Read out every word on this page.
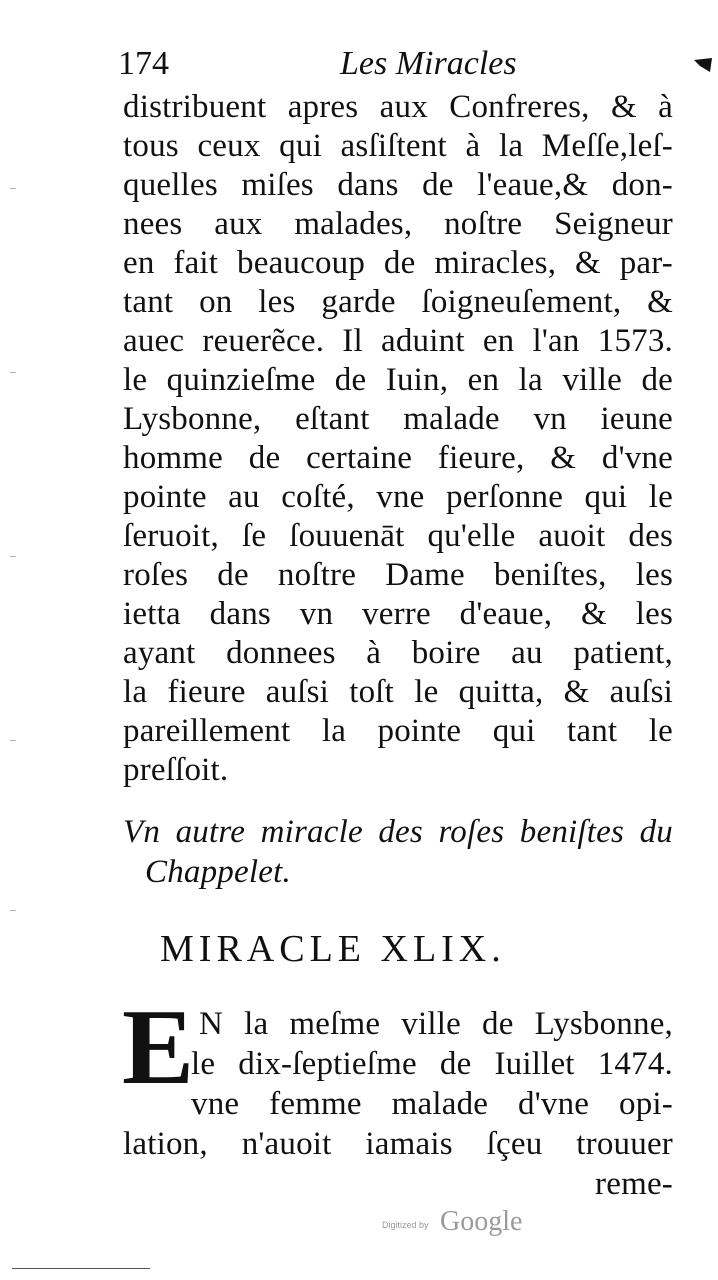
174	Les Miracles
distribuent apres aux Confreres, & à
tous ceux qui asſiſtent à la Meſſe,leſ-
quelles miſes dans de l'eaue,& don-
nees aux malades, noſtre Seigneur
en fait beaucoup de miracles, & par-
tant on les garde ſoigneuſement, &
auec reuerẽce. Il aduint en l'an 1573.
le quinzieſme de Iuin, en la ville de
Lysbonne, eſtant malade vn ieune
homme de certaine fieure, & d'vne
pointe au coſté, vne perſonne qui le
ſeruoit, ſe ſouuenāt qu'elle auoit des
roſes de noſtre Dame beniſtes, les
ietta dans vn verre d'eaue, & les
ayant donnees à boire au patient,
la fieure auſsi toſt le quitta, & auſsi
pareillement la pointe qui tant le
preſſoit.
Vn autre miracle des roſes beniſtes du
Chappelet.
MIRACLE XLIX.
E N la meſme ville de Lysbonne,
le dix-ſeptieſme de Iuillet 1474.
vne femme malade d'vne opi-
lation, n'auoit iamais ſçeu trouuer
reme-
Digitized by Google
